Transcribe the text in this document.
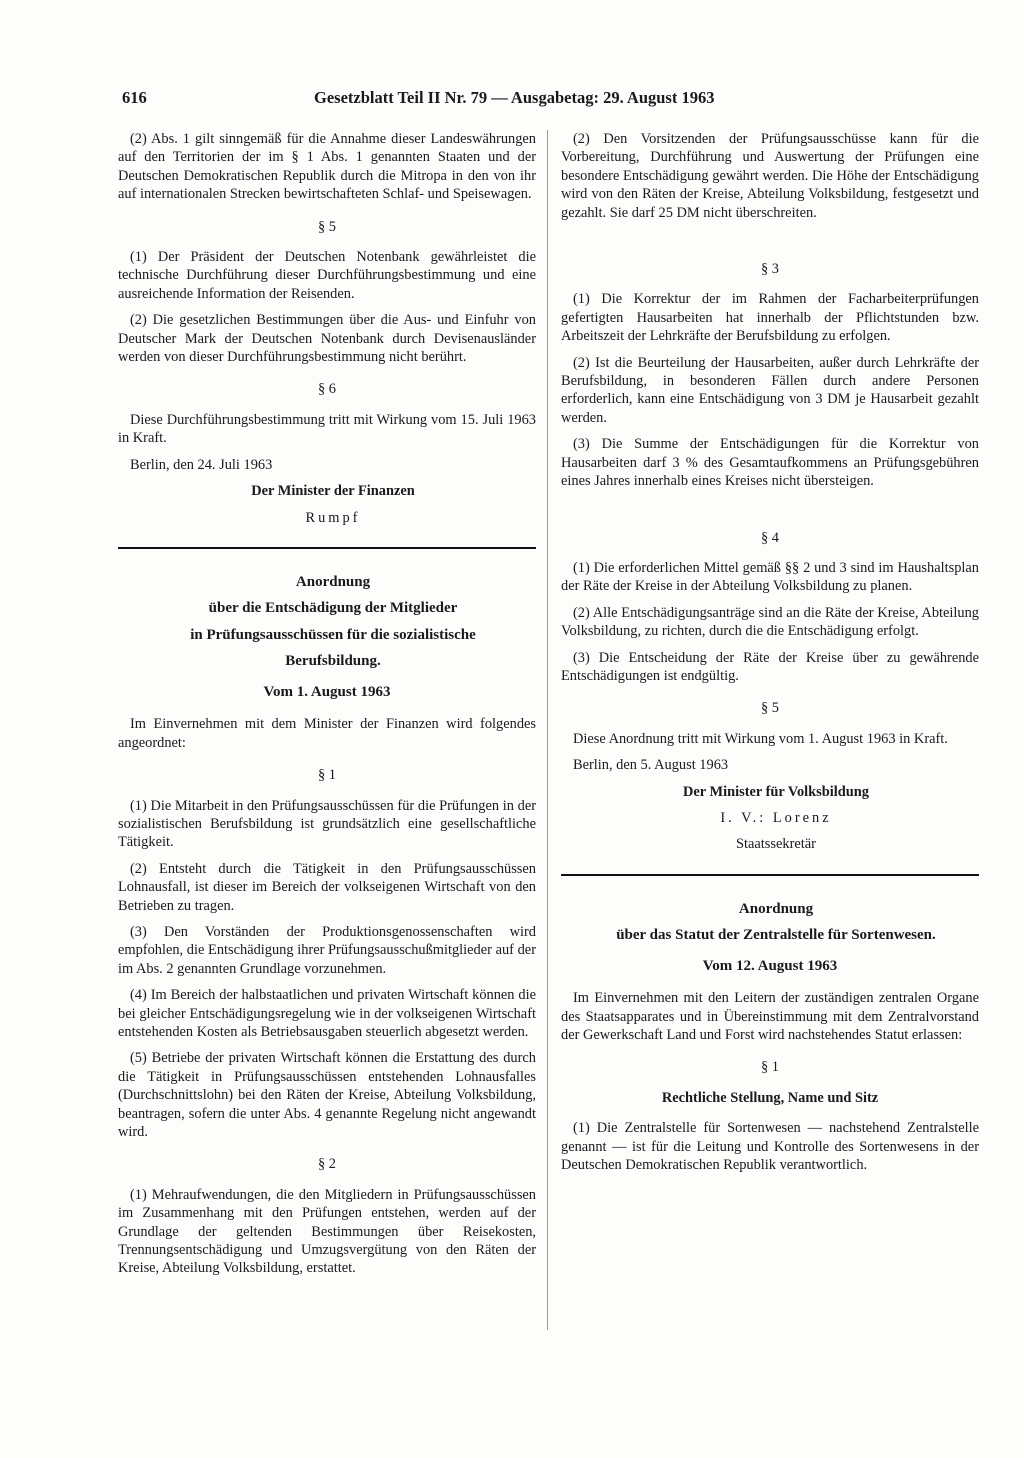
616	Gesetzblatt Teil II Nr. 79 — Ausgabetag: 29. August 1963

(2) Abs. 1 gilt sinngemäß für die Annahme dieser Landeswährungen auf den Territorien der im § 1 Abs. 1 genannten Staaten und der Deutschen Demokratischen Republik durch die Mitropa in den von ihr auf internationalen Strecken bewirtschafteten Schlaf- und Speisewagen.

§ 5

(1) Der Präsident der Deutschen Notenbank gewährleistet die technische Durchführung dieser Durchführungsbestimmung und eine ausreichende Information der Reisenden.

(2) Die gesetzlichen Bestimmungen über die Aus- und Einfuhr von Deutscher Mark der Deutschen Notenbank durch Devisenausländer werden von dieser Durchführungsbestimmung nicht berührt.

§ 6

Diese Durchführungsbestimmung tritt mit Wirkung vom 15. Juli 1963 in Kraft.

Berlin, den 24. Juli 1963

Der Minister der Finanzen

Rumpf

Anordnung

über die Entschädigung der Mitglieder

in Prüfungsausschüssen für die sozialistische

Berufsbildung.

Vom 1. August 1963

Im Einvernehmen mit dem Minister der Finanzen wird folgendes angeordnet:

§ 1

(1) Die Mitarbeit in den Prüfungsausschüssen für die Prüfungen in der sozialistischen Berufsbildung ist grundsätzlich eine gesellschaftliche Tätigkeit.

(2) Entsteht durch die Tätigkeit in den Prüfungsausschüssen Lohnausfall, ist dieser im Bereich der volkseigenen Wirtschaft von den Betrieben zu tragen.

(3) Den Vorständen der Produktionsgenossenschaften wird empfohlen, die Entschädigung ihrer Prüfungsausschußmitglieder auf der im Abs. 2 genannten Grundlage vorzunehmen.

(4) Im Bereich der halbstaatlichen und privaten Wirtschaft können die bei gleicher Entschädigungsregelung wie in der volkseigenen Wirtschaft entstehenden Kosten als Betriebsausgaben steuerlich abgesetzt werden.

(5) Betriebe der privaten Wirtschaft können die Erstattung des durch die Tätigkeit in Prüfungsausschüssen entstehenden Lohnausfalles (Durchschnittslohn) bei den Räten der Kreise, Abteilung Volksbildung, beantragen, sofern die unter Abs. 4 genannte Regelung nicht angewandt wird.

§ 2

(1) Mehraufwendungen, die den Mitgliedern in Prüfungsausschüssen im Zusammenhang mit den Prüfungen entstehen, werden auf der Grundlage der geltenden Bestimmungen über Reisekosten, Trennungsentschädigung und Umzugsvergütung von den Räten der Kreise, Abteilung Volksbildung, erstattet.

(2) Den Vorsitzenden der Prüfungsausschüsse kann für die Vorbereitung, Durchführung und Auswertung der Prüfungen eine besondere Entschädigung gewährt werden. Die Höhe der Entschädigung wird von den Räten der Kreise, Abteilung Volksbildung, festgesetzt und gezahlt. Sie darf 25 DM nicht überschreiten.

§ 3

(1) Die Korrektur der im Rahmen der Facharbeiterprüfungen gefertigten Hausarbeiten hat innerhalb der Pflichtstunden bzw. Arbeitszeit der Lehrkräfte der Berufsbildung zu erfolgen.

(2) Ist die Beurteilung der Hausarbeiten, außer durch Lehrkräfte der Berufsbildung, in besonderen Fällen durch andere Personen erforderlich, kann eine Entschädigung von 3 DM je Hausarbeit gezahlt werden.

(3) Die Summe der Entschädigungen für die Korrektur von Hausarbeiten darf 3 % des Gesamtaufkommens an Prüfungsgebühren eines Jahres innerhalb eines Kreises nicht übersteigen.

§ 4

(1) Die erforderlichen Mittel gemäß §§ 2 und 3 sind im Haushaltsplan der Räte der Kreise in der Abteilung Volksbildung zu planen.

(2) Alle Entschädigungsanträge sind an die Räte der Kreise, Abteilung Volksbildung, zu richten, durch die die Entschädigung erfolgt.

(3) Die Entscheidung der Räte der Kreise über zu gewährende Entschädigungen ist endgültig.

§ 5

Diese Anordnung tritt mit Wirkung vom 1. August 1963 in Kraft.

Berlin, den 5. August 1963

Der Minister für Volksbildung

I. V.: Lorenz

Staatssekretär

Anordnung

über das Statut der Zentralstelle für Sortenwesen.

Vom 12. August 1963

Im Einvernehmen mit den Leitern der zuständigen zentralen Organe des Staatsapparates und in Übereinstimmung mit dem Zentralvorstand der Gewerkschaft Land und Forst wird nachstehendes Statut erlassen:

§ 1
Rechtliche Stellung, Name und Sitz

(1) Die Zentralstelle für Sortenwesen — nachstehend Zentralstelle genannt — ist für die Leitung und Kontrolle des Sortenwesens in der Deutschen Demokratischen Republik verantwortlich.
